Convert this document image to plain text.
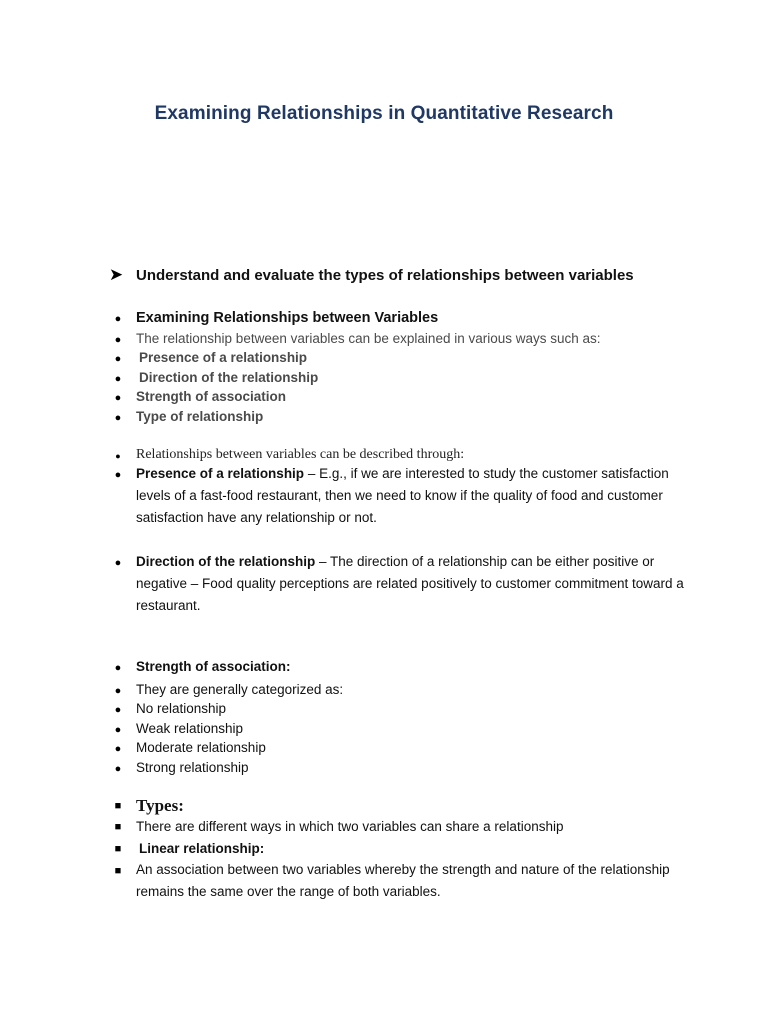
Examining Relationships in Quantitative Research
➤ Understand and evaluate the types of relationships between variables
●	Examining Relationships between Variables
●	The relationship between variables can be explained in various ways such as:
●	Presence of a relationship
●	Direction of the relationship
●	Strength of association
●	Type of relationship
●	Relationships between variables can be described through:
●	Presence of a relationship – E.g., if we are interested to study the customer satisfaction levels of a fast-food restaurant, then we need to know if the quality of food and customer satisfaction have any relationship or not.
●	Direction of the relationship – The direction of a relationship can be either positive or negative – Food quality perceptions are related positively to customer commitment toward a restaurant.
●	Strength of association:
●	They are generally categorized as:
●	No relationship
●	Weak relationship
●	Moderate relationship
●	Strong relationship
■ Types:
■	There are different ways in which two variables can share a relationship
■	Linear relationship:
■	An association between two variables whereby the strength and nature of the relationship remains the same over the range of both variables.
